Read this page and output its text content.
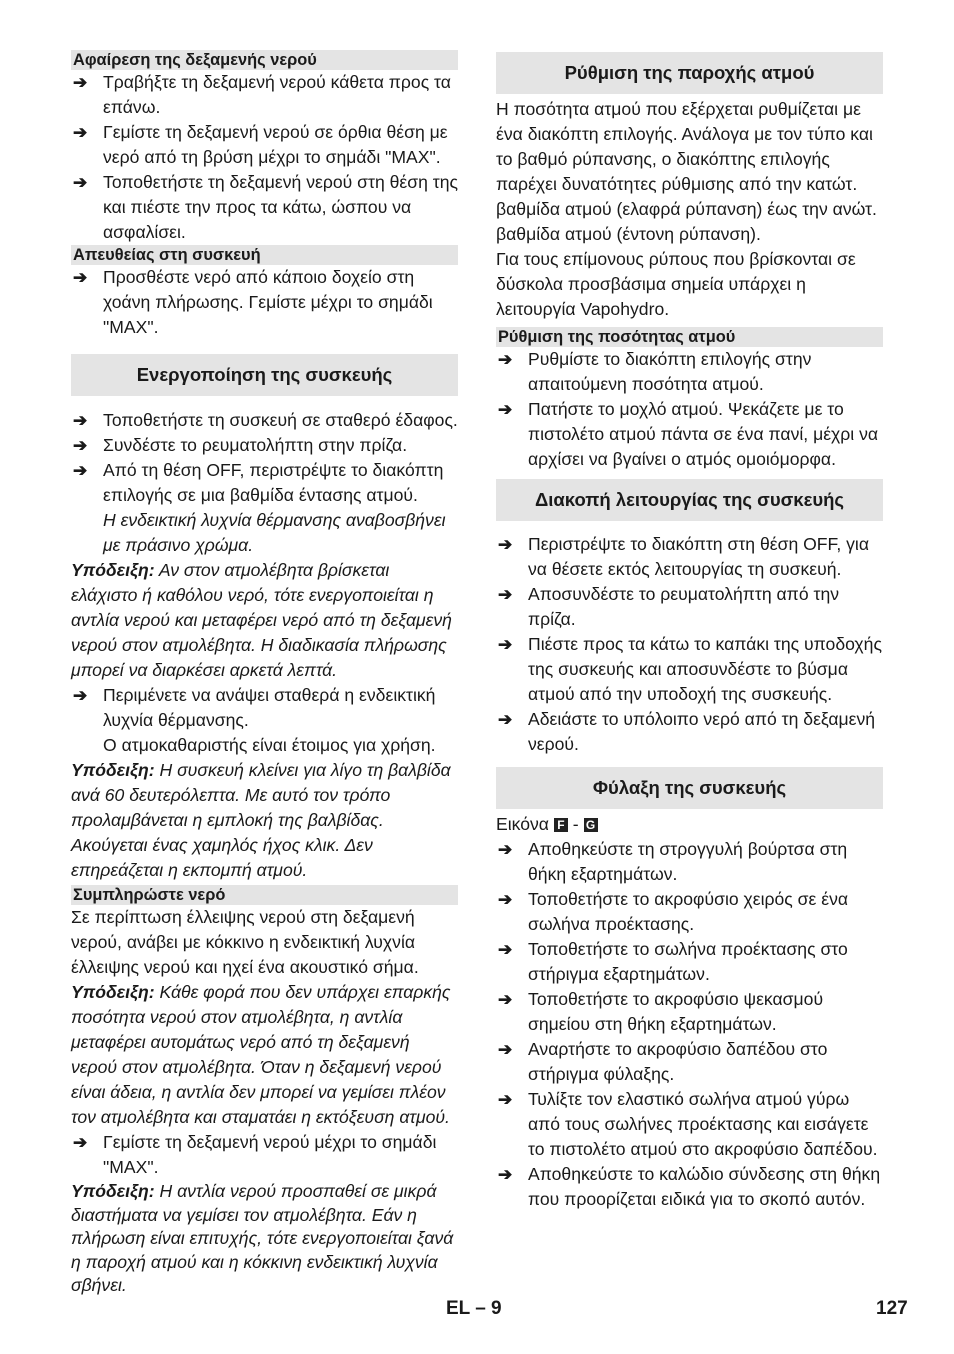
Αφαίρεση της δεξαμενής νερού

➔ Τραβήξτε τη δεξαμενή νερού κάθετα προς τα επάνω.

➔ Γεμίστε τη δεξαμενή νερού σε όρθια θέση με νερό από τη βρύση μέχρι το σημάδι "MAX".

➔ Τοποθετήστε τη δεξαμενή νερού στη θέση της και πιέστε την προς τα κάτω, ώσπου να ασφαλίσει.

Απευθείας στη συσκευή

➔ Προσθέστε νερό από κάποιο δοχείο στη χοάνη πλήρωσης. Γεμίστε μέχρι το σημάδι "MAX".

Ενεργοποίηση της συσκευής

➔ Τοποθετήστε τη συσκευή σε σταθερό έδαφος.

➔ Συνδέστε το ρευματολήπτη στην πρίζα.

➔ Από τη θέση OFF, περιστρέψτε το διακόπτη επιλογής σε μια βαθμίδα έντασης ατμού.

Η ενδεικτική λυχνία θέρμανσης αναβοσβήνει με πράσινο χρώμα.

Υπόδειξη: Αν στον ατμολέβητα βρίσκεται ελάχιστο ή καθόλου νερό, τότε ενεργοποιείται η αντλία νερού και μεταφέρει νερό από τη δεξαμενή νερού στον ατμολέβητα. Η διαδικασία πλήρωσης μπορεί να διαρκέσει αρκετά λεπτά.

➔ Περιμένετε να ανάψει σταθερά η ενδεικτική λυχνία θέρμανσης.

Ο ατμοκαθαριστής είναι έτοιμος για χρήση.

Υπόδειξη: Η συσκευή κλείνει για λίγο τη βαλβίδα ανά 60 δευτερόλεπτα. Με αυτό τον τρόπο προλαμβάνεται η εμπλοκή της βαλβίδας. Ακούγεται ένας χαμηλός ήχος κλικ. Δεν επηρεάζεται η εκπομπή ατμού.

Συμπληρώστε νερό

Σε περίπτωση έλλειψης νερού στη δεξαμενή νερού, ανάβει με κόκκινο η ενδεικτική λυχνία έλλειψης νερού και ηχεί ένα ακουστικό σήμα.

Υπόδειξη: Κάθε φορά που δεν υπάρχει επαρκής ποσότητα νερού στον ατμολέβητα, η αντλία μεταφέρει αυτομάτως νερό από τη δεξαμενή νερού στον ατμολέβητα. Όταν η δεξαμενή νερού είναι άδεια, η αντλία δεν μπορεί να γεμίσει πλέον τον ατμολέβητα και σταματάει η εκτόξευση ατμού.

➔ Γεμίστε τη δεξαμενή νερού μέχρι το σημάδι "MAX".

Υπόδειξη: Η αντλία νερού προσπαθεί σε μικρά διαστήματα να γεμίσει τον ατμολέβητα. Εάν η πλήρωση είναι επιτυχής, τότε ενεργοποιείται ξανά η παροχή ατμού και η κόκκινη ενδεικτική λυχνία σβήνει.

Ρύθμιση της παροχής ατμού

Η ποσότητα ατμού που εξέρχεται ρυθμίζεται με ένα διακόπτη επιλογής. Ανάλογα με τον τύπο και το βαθμό ρύπανσης, ο διακόπτης επιλογής παρέχει δυνατότητες ρύθμισης από την κατώτ. βαθμίδα ατμού (ελαφρά ρύπανση) έως την ανώτ. βαθμίδα ατμού (έντονη ρύπανση).

Για τους επίμονους ρύπους που βρίσκονται σε δύσκολα προσβάσιμα σημεία υπάρχει η λειτουργία Vapohydro.

Ρύθμιση της ποσότητας ατμού

➔ Ρυθμίστε το διακόπτη επιλογής στην απαιτούμενη ποσότητα ατμού.

➔ Πατήστε το μοχλό ατμού. Ψεκάζετε με το πιστολέτο ατμού πάντα σε ένα πανί, μέχρι να αρχίσει να βγαίνει ο ατμός ομοιόμορφα.

Διακοπή λειτουργίας της συσκευής

➔ Περιστρέψτε το διακόπτη στη θέση OFF, για να θέσετε εκτός λειτουργίας τη συσκευή.

➔ Αποσυνδέστε το ρευματολήπτη από την πρίζα.

➔ Πιέστε προς τα κάτω το καπάκι της υποδοχής της συσκευής και αποσυνδέστε το βύσμα ατμού από την υποδοχή της συσκευής.

➔ Αδειάστε το υπόλοιπο νερό από τη δεξαμενή νερού.

Φύλαξη της συσκευής

Εικόνα F - G

➔ Αποθηκεύστε τη στρογγυλή βούρτσα στη θήκη εξαρτημάτων.

➔ Τοποθετήστε το ακροφύσιο χειρός σε ένα σωλήνα προέκτασης.

➔ Τοποθετήστε το σωλήνα προέκτασης στο στήριγμα εξαρτημάτων.

➔ Τοποθετήστε το ακροφύσιο ψεκασμού σημείου στη θήκη εξαρτημάτων.

➔ Αναρτήστε το ακροφύσιο δαπέδου στο στήριγμα φύλαξης.

➔ Τυλίξτε τον ελαστικό σωλήνα ατμού γύρω από τους σωλήνες προέκτασης και εισάγετε το πιστολέτο ατμού στο ακροφύσιο δαπέδου.

➔ Αποθηκεύστε το καλώδιο σύνδεσης στη θήκη που προορίζεται ειδικά για το σκοπό αυτόν.

EL – 9	127
